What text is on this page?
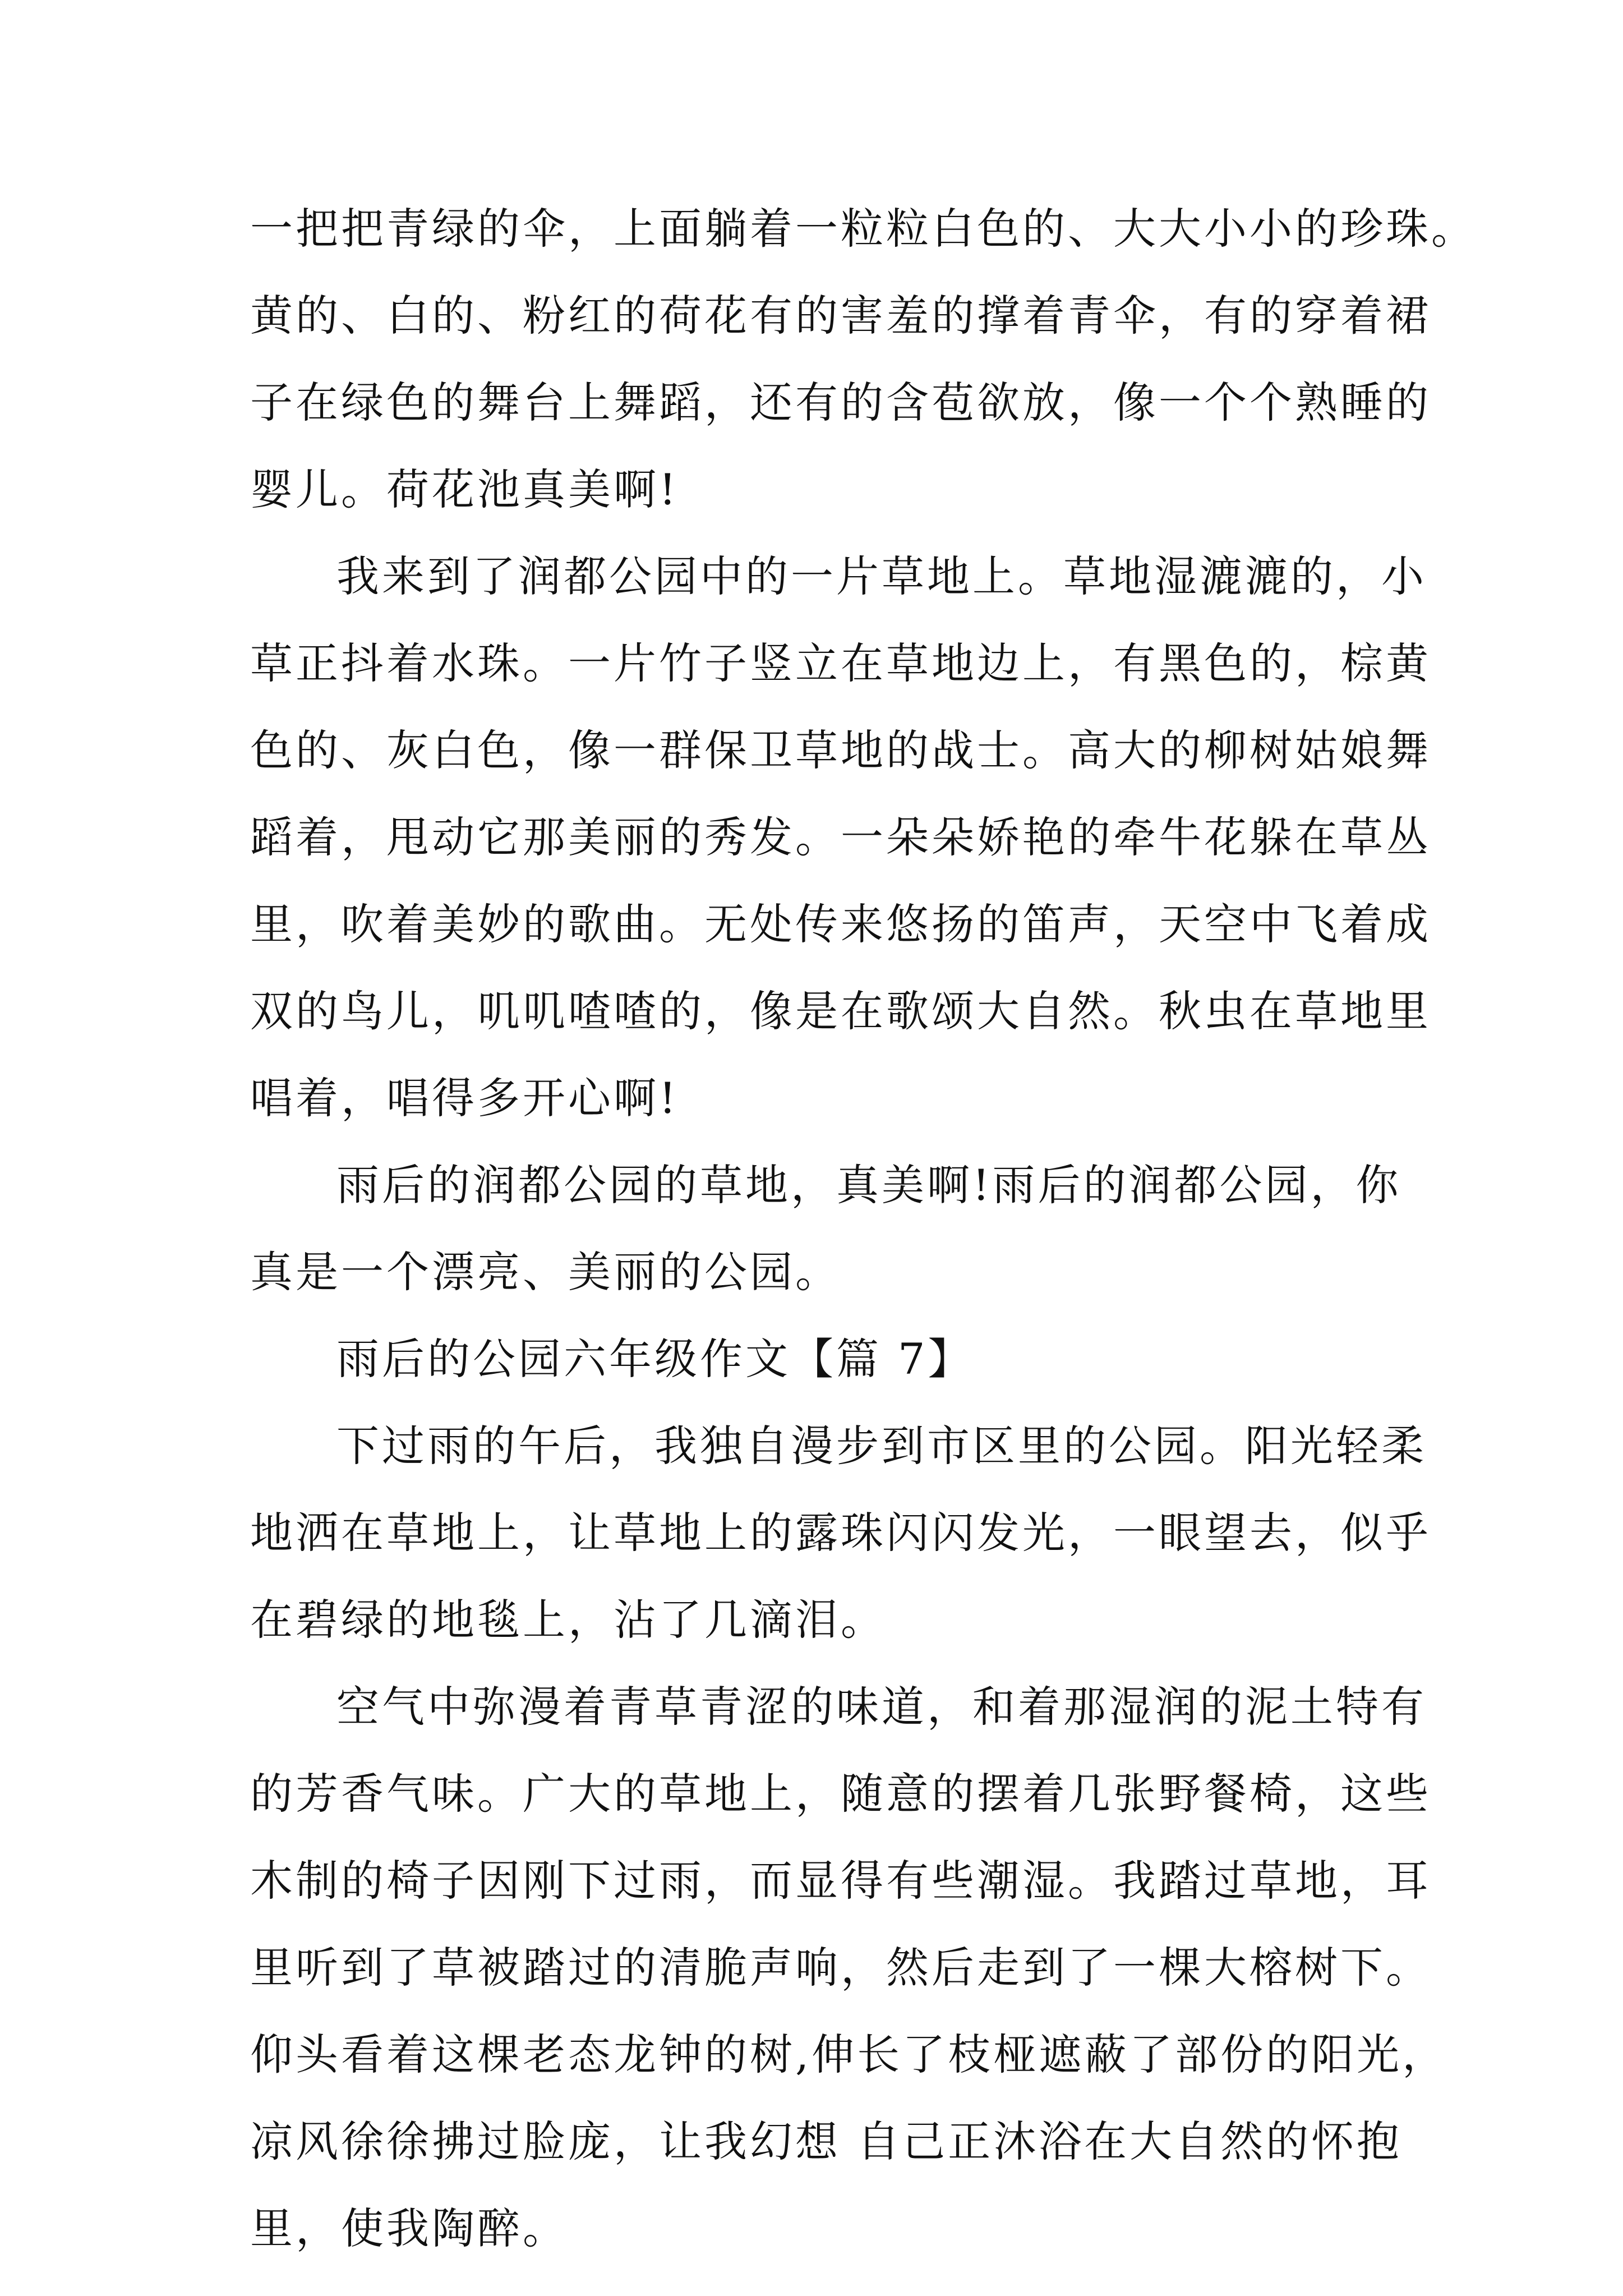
一把把青绿的伞，上面躺着一粒粒白色的、大大小小的珍珠。
黄的、白的、粉红的荷花有的害羞的撑着青伞，有的穿着裙
子在绿色的舞台上舞蹈，还有的含苞欲放，像一个个熟睡的
婴儿。荷花池真美啊!
我来到了润都公园中的一片草地上。草地湿漉漉的，小
草正抖着水珠。一片竹子竖立在草地边上，有黑色的，棕黄
色的、灰白色，像一群保卫草地的战士。高大的柳树姑娘舞
蹈着，甩动它那美丽的秀发。一朵朵娇艳的牵牛花躲在草丛
里，吹着美妙的歌曲。无处传来悠扬的笛声，天空中飞着成
双的鸟儿，叽叽喳喳的，像是在歌颂大自然。秋虫在草地里
唱着，唱得多开心啊!
雨后的润都公园的草地，真美啊!雨后的润都公园，你
真是一个漂亮、美丽的公园。
雨后的公园六年级作文【篇 7】
下过雨的午后，我独自漫步到市区里的公园。阳光轻柔
地洒在草地上，让草地上的露珠闪闪发光，一眼望去，似乎
在碧绿的地毯上，沾了几滴泪。
空气中弥漫着青草青涩的味道，和着那湿润的泥土特有
的芳香气味。广大的草地上，随意的摆着几张野餐椅，这些
木制的椅子因刚下过雨，而显得有些潮湿。我踏过草地，耳
里听到了草被踏过的清脆声响，然后走到了一棵大榕树下。
仰头看着这棵老态龙钟的树,伸长了枝桠遮蔽了部份的阳光，
凉风徐徐拂过脸庞，让我幻想 自己正沐浴在大自然的怀抱
里，使我陶醉。
